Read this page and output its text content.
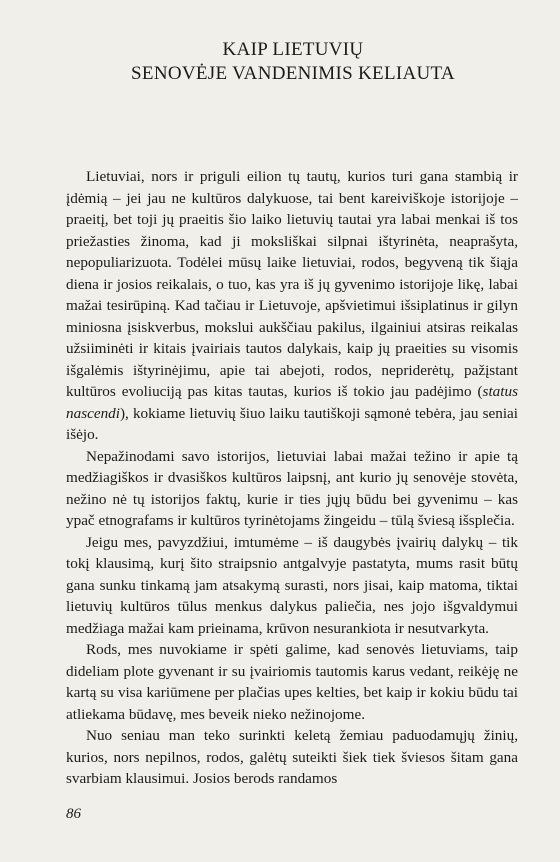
KAIP LIETUVIŲ
SENOVĖJE VANDENIMIS KELIAUTA

Lietuviai, nors ir priguli eilion tų tautų, kurios turi gana stambią ir įdėmią – jei jau ne kultūros dalykuose, tai bent kareiviškoje istorijoje – praeitį, bet toji jų praeitis šio laiko lietuvių tautai yra labai menkai iš tos priežasties žinoma, kad ji moksliškai silpnai ištyrinėta, neaprašyta, nepopuliarizuota. Todėlei mūsų laike lietuviai, rodos, begyveną tik šiąja diena ir josios reikalais, o tuo, kas yra iš jų gyvenimo istorijoje likę, labai mažai tesirūpiną. Kad tačiau ir Lietuvoje, apšvietimui išsiplatinus ir gilyn miniosna įsiskverbus, mokslui aukščiau pakilus, ilgainiui atsiras reikalas užsiiminėti ir kitais įvairiais tautos dalykais, kaip jų praeities su visomis išgalėmis ištyrinėjimu, apie tai abejoti, rodos, nepriderėtų, pažįstant kultūros evoliuciją pas kitas tautas, kurios iš tokio jau padėjimo (status nascendi), kokiame lietuvių šiuo laiku tautiškoji sąmonė tebėra, jau seniai išėjo.

Nepažinodami savo istorijos, lietuviai labai mažai težino ir apie tą medžiagiškos ir dvasiškos kultūros laipsnį, ant kurio jų senovėje stovėta, nežino nė tų istorijos faktų, kurie ir ties jųjų būdu bei gyvenimu – kas ypač etnografams ir kultūros tyrinėtojams žingeidu – tūlą šviesą išsplečia.

Jeigu mes, pavyzdžiui, imtumėme – iš daugybės įvairių dalykų – tik tokį klausimą, kurį šito straipsnio antgalvyje pastatyta, mums rasit būtų gana sunku tinkamą jam atsakymą surasti, nors jisai, kaip matoma, tiktai lietuvių kultūros tūlus menkus dalykus paliečia, nes jojo išgvaldymui medžiaga mažai kam prieinama, krūvon nesurankiota ir nesutvarkyta.

Rods, mes nuvokiame ir spėti galime, kad senovės lietuviams, taip dideliam plote gyvenant ir su įvairiomis tautomis karus vedant, reikėję ne kartą su visa kariūmene per plačias upes kelties, bet kaip ir kokiu būdu tai atliekama būdavę, mes beveik nieko nežinojome.

Nuo seniau man teko surinkti keletą žemiau paduodamųjų žinių, kurios, nors nepilnos, rodos, galėtų suteikti šiek tiek šviesos šitam gana svarbiam klausimui. Josios berods randamos

86
